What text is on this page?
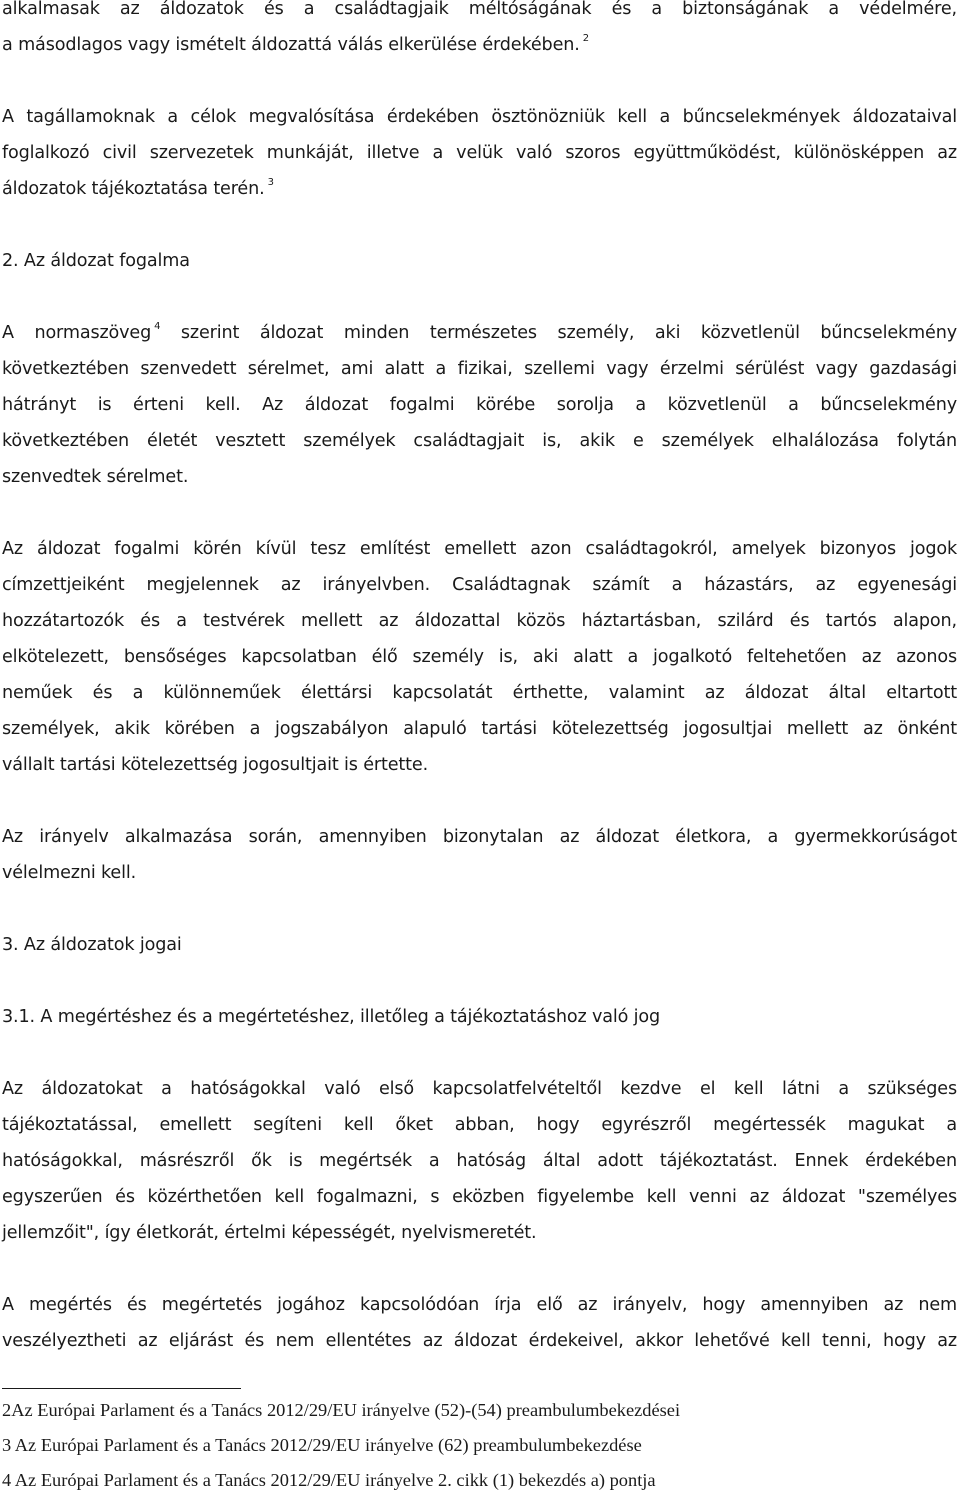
alkalmasak az áldozatok és a családtagjaik méltóságának és a biztonságának a védelmére,
a másodlagos vagy ismételt áldozattá válás elkerülése érdekében. $^2$
A tagállamoknak a célok megvalósítása érdekében ösztönözniük kell a bűncselekmények áldozataival
foglalkozó civil szervezetek munkáját, illetve a velük való szoros együttműködést, különösképpen az
áldozatok tájékoztatása terén. $^3$
2. Az áldozat fogalma
A normaszöveg $^4$ szerint áldozat minden természetes személy, aki közvetlenül bűncselekmény
következtében szenvedett sérelmet, ami alatt a fizikai, szellemi vagy érzelmi sérülést vagy gazdasági
hátrányt is érteni kell. Az áldozat fogalmi körébe sorolja a közvetlenül a bűncselekmény
következtében életét vesztett személyek családtagjait is, akik e személyek elhalálozása folytán
szenvedtek sérelmet.
Az áldozat fogalmi körén kívül tesz említést emellett azon családtagokról, amelyek bizonyos jogok
címzettjeiként megjelennek az irányelvben. Családtagnak számít a házastárs, az egyenesági
hozzátartozók és a testvérek mellett az áldozattal közös háztartásban, szilárd és tartós alapon,
elkötelezett, bensőséges kapcsolatban élő személy is, aki alatt a jogalkotó feltehetően az azonos
neműek és a különneműek élettársi kapcsolatát érthette, valamint az áldozat által eltartott
személyek, akik körében a jogszabályon alapuló tartási kötelezettség jogosultjai mellett az önként
vállalt tartási kötelezettség jogosultjait is értette.
Az irányelv alkalmazása során, amennyiben bizonytalan az áldozat életkora, a gyermekkorúságot
vélelmezni kell.
3. Az áldozatok jogai
3.1. A megértéshez és a megértetéshez, illetőleg a tájékoztatáshoz való jog
Az áldozatokat a hatóságokkal való első kapcsolatfelvételtől kezdve el kell látni a szükséges
tájékoztatással, emellett segíteni kell őket abban, hogy egyrészről megértessék magukat a
hatóságokkal, másrészről ők is megértsék a hatóság által adott tájékoztatást. Ennek érdekében
egyszerűen és közérthetően kell fogalmazni, s eközben figyelembe kell venni az áldozat "személyes
jellemzőit", így életkorát, értelmi képességét, nyelvismeretét.
A megértés és megértetés jogához kapcsolódóan írja elő az irányelv, hogy amennyiben az nem
veszélyeztheti az eljárást és nem ellentétes az áldozat érdekeivel, akkor lehetővé kell tenni, hogy az
2Az Európai Parlament és a Tanács 2012/29/EU irányelve (52)-(54) preambulumbekezdései
3 Az Európai Parlament és a Tanács 2012/29/EU irányelve (62) preambulumbekezdése
4 Az Európai Parlament és a Tanács 2012/29/EU irányelve 2. cikk (1) bekezdés a) pontja
